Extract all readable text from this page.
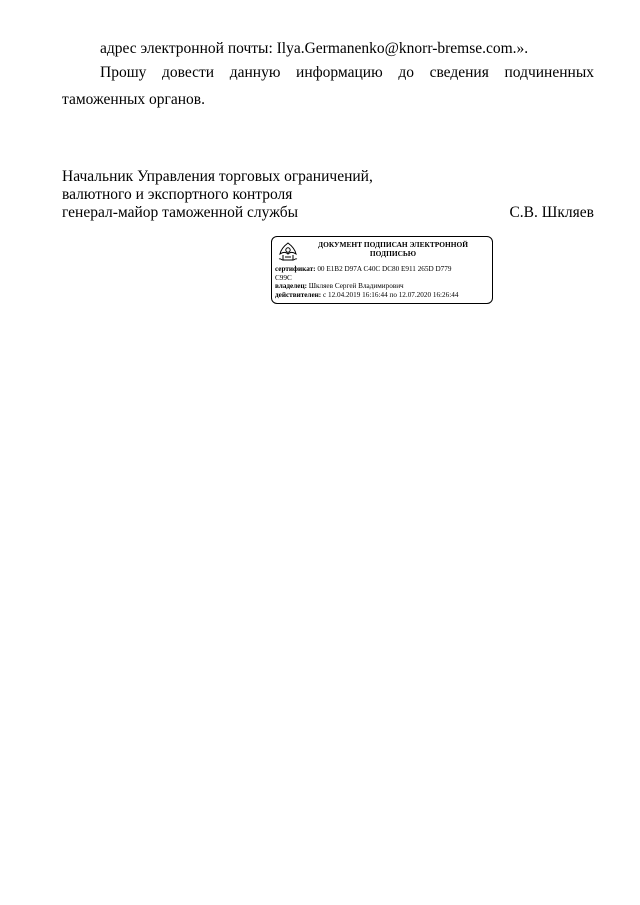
адрес электронной почты: Ilya.Germanenko@knorr-bremse.com.».
Прошу довести данную информацию до сведения подчиненных
таможенных органов.
Начальник Управления торговых ограничений,
валютного и экспортного контроля
генерал-майор таможенной службы	С.В. Шкляев
ДОКУМЕНТ ПОДПИСАН ЭЛЕКТРОННОЙ ПОДПИСЬЮ
сертификат: 00 E1B2 D97A C40C DC80 E911 265D D779
C99C
владелец: Шкляев Сергей Владимирович
действителен: с 12.04.2019 16:16:44 по 12.07.2020 16:26:44
